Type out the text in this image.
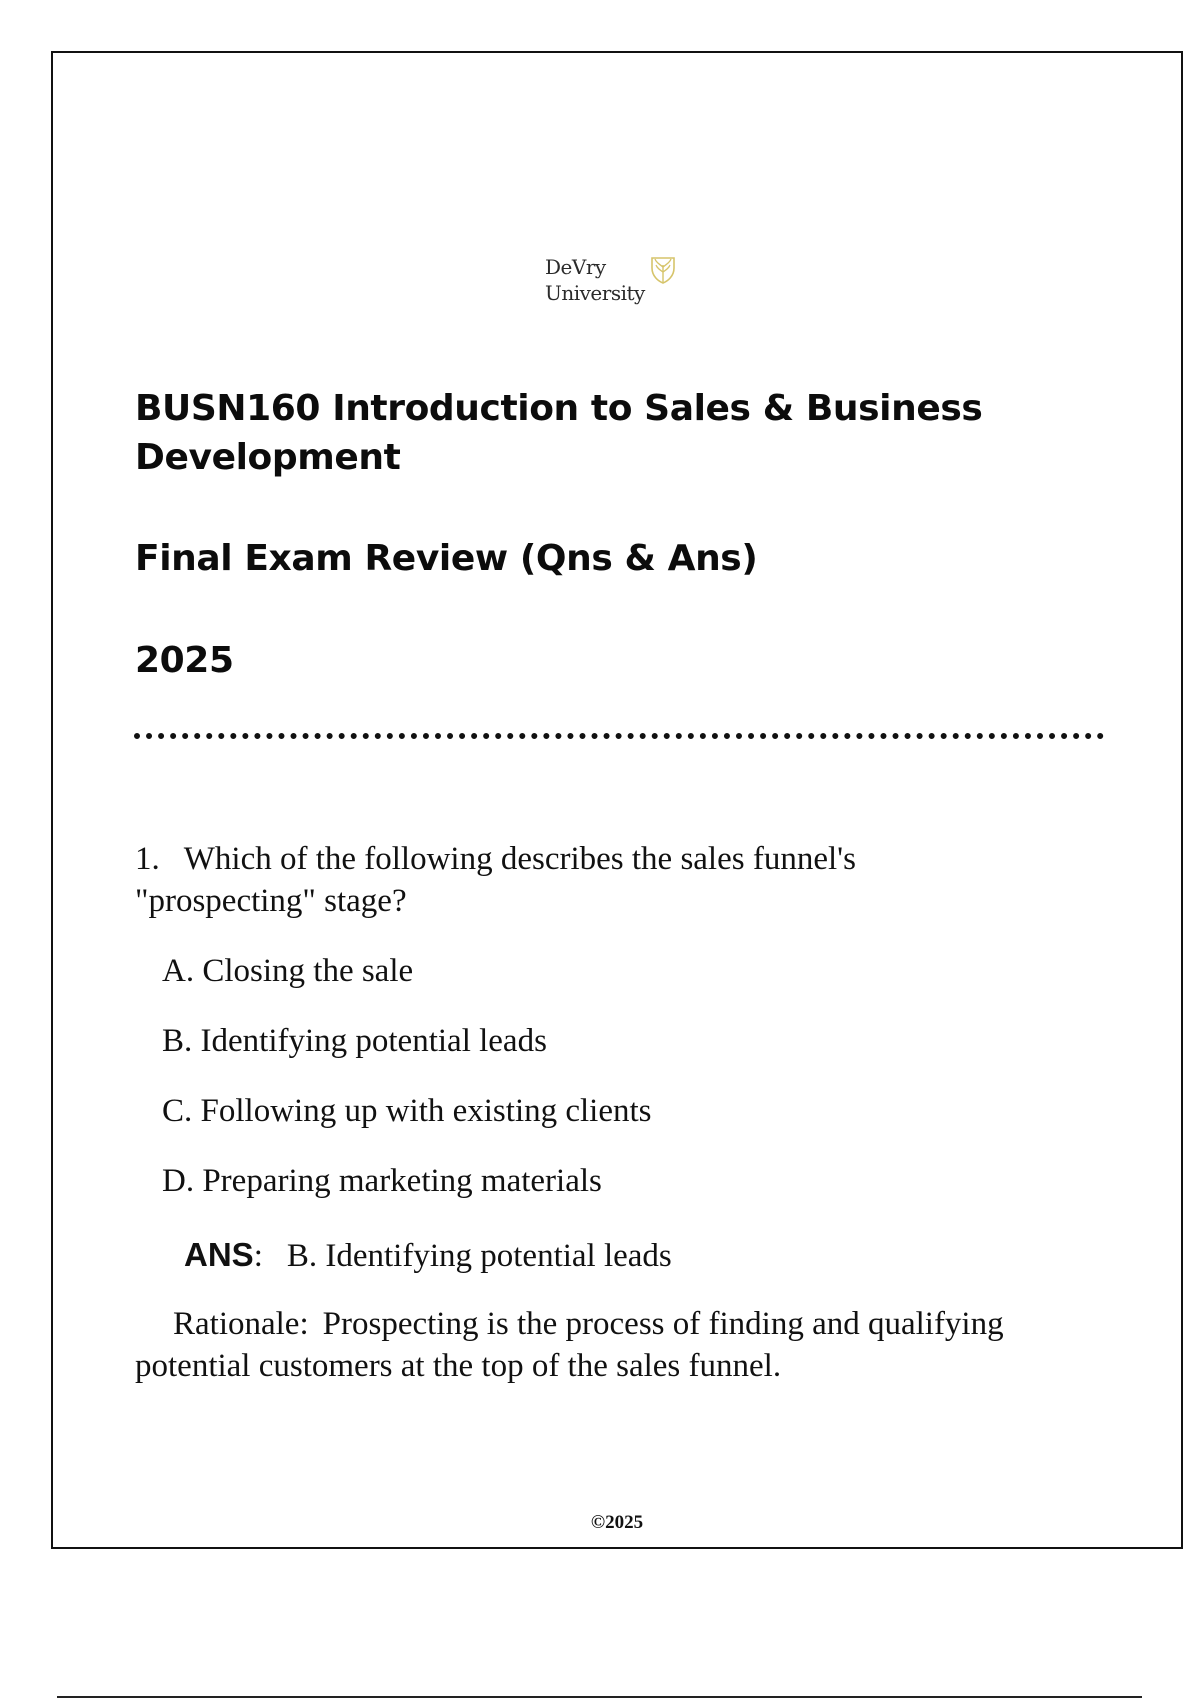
DeVry
University
BUSN160 Introduction to Sales & Business Development
Final Exam Review (Qns & Ans)
2025
1. Which of the following describes the sales funnel's "prospecting" stage?
A. Closing the sale
B. Identifying potential leads
C. Following up with existing clients
D. Preparing marketing materials
ANS: B. Identifying potential leads
Rationale: Prospecting is the process of finding and qualifying potential customers at the top of the sales funnel.
©2025
